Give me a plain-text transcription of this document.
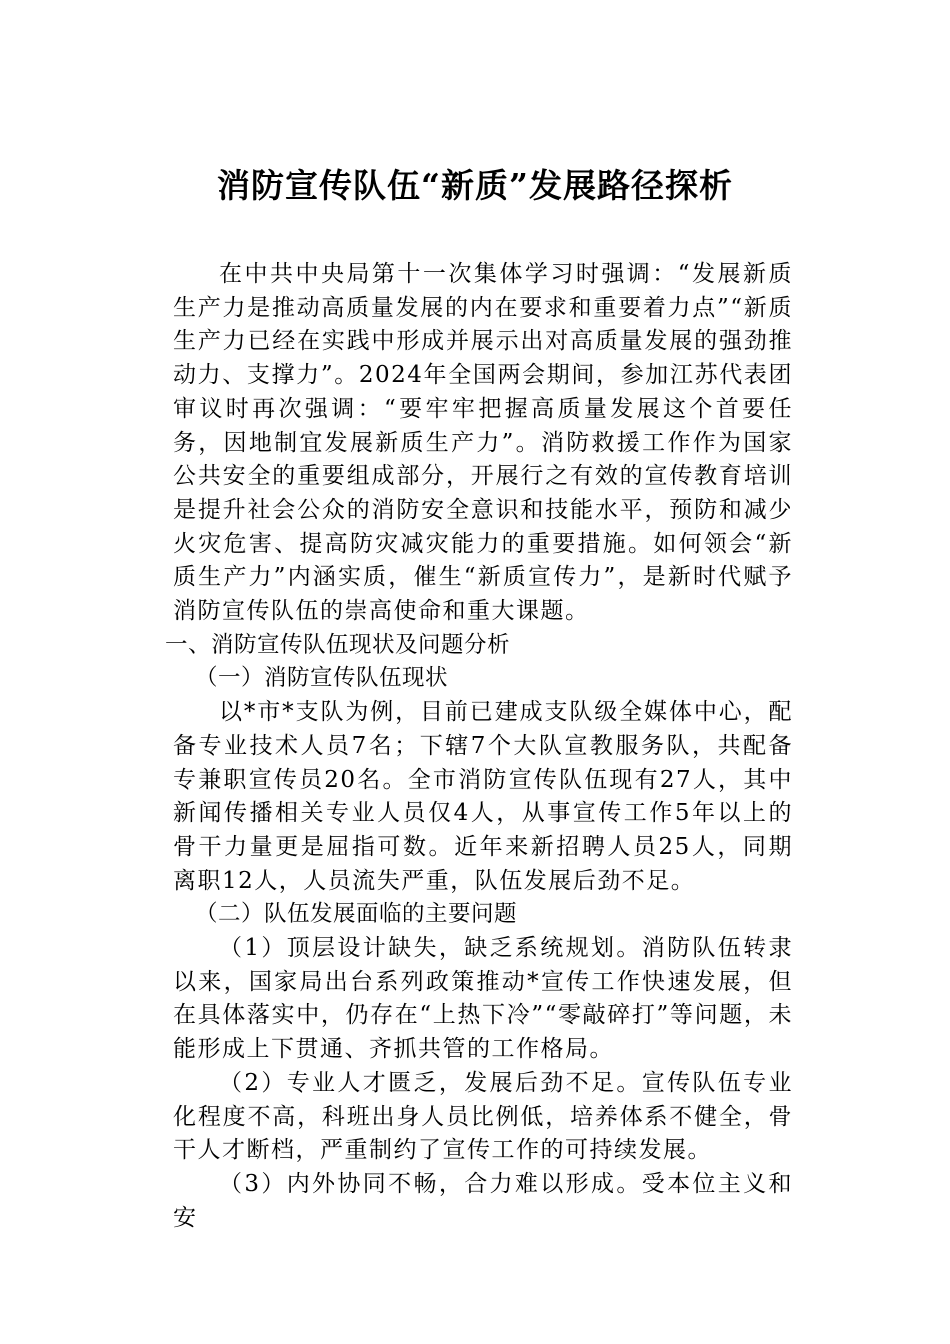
消防宣传队伍“新质”发展路径探析

在中共中央局第十一次集体学习时强调：“发展新质生产力是推动高质量发展的内在要求和重要着力点”“新质生产力已经在实践中形成并展示出对高质量发展的强劲推动力、支撑力”。2024年全国两会期间，参加江苏代表团审议时再次强调：“要牢牢把握高质量发展这个首要任务，因地制宜发展新质生产力”。消防救援工作作为国家公共安全的重要组成部分，开展行之有效的宣传教育培训是提升社会公众的消防安全意识和技能水平，预防和减少火灾危害、提高防灾减灾能力的重要措施。如何领会“新质生产力”内涵实质，催生“新质宣传力”，是新时代赋予消防宣传队伍的崇高使命和重大课题。

一、消防宣传队伍现状及问题分析

（一）消防宣传队伍现状

以*市*支队为例，目前已建成支队级全媒体中心，配备专业技术人员7名；下辖7个大队宣教服务队，共配备专兼职宣传员20名。全市消防宣传队伍现有27人，其中新闻传播相关专业人员仅4人，从事宣传工作5年以上的骨干力量更是屈指可数。近年来新招聘人员25人，同期离职12人，人员流失严重，队伍发展后劲不足。

（二）队伍发展面临的主要问题

（1）顶层设计缺失，缺乏系统规划。消防队伍转隶以来，国家局出台系列政策推动*宣传工作快速发展，但在具体落实中，仍存在“上热下冷”“零敲碎打”等问题，未能形成上下贯通、齐抓共管的工作格局。

（2）专业人才匮乏，发展后劲不足。宣传队伍专业化程度不高，科班出身人员比例低，培养体系不健全，骨干人才断档，严重制约了宣传工作的可持续发展。

（3）内外协同不畅，合力难以形成。受本位主义和安
